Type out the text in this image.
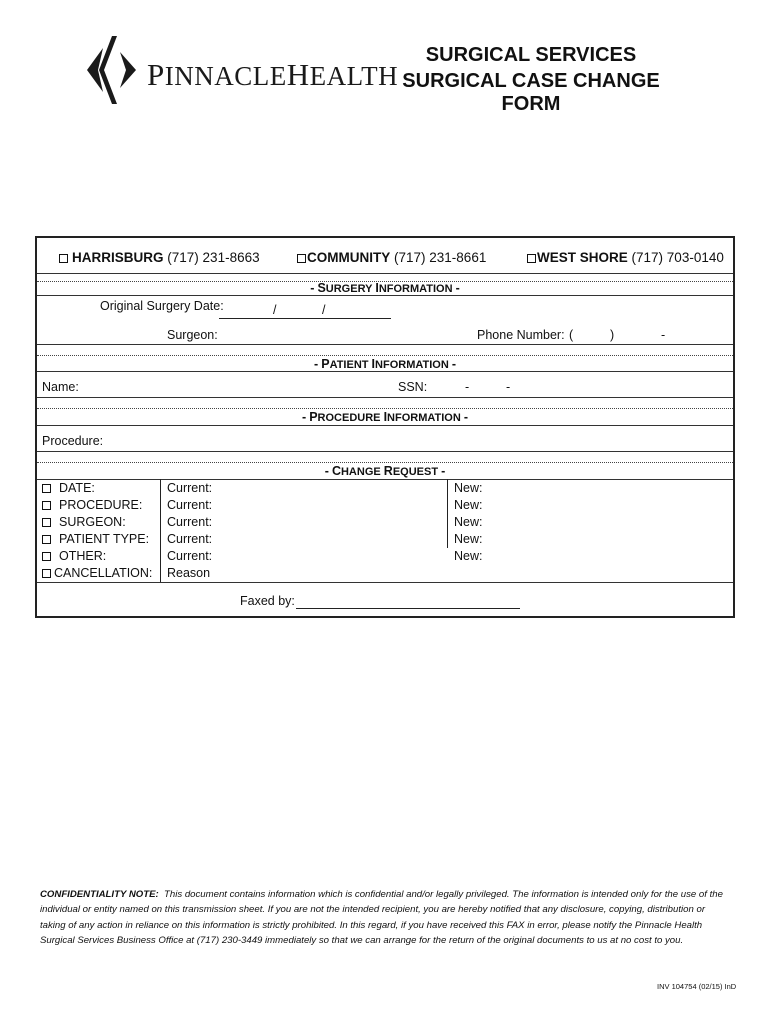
PINNACLEHEALTH
SURGICAL SERVICES
SURGICAL CASE CHANGE FORM
HARRISBURG (717) 231-8663	COMMUNITY (717) 231-8661	WEST SHORE (717) 703-0140
- SURGERY INFORMATION -
Original Surgery Date:	/	/
Surgeon:	Phone Number: (	)	-
- PATIENT INFORMATION -
Name:	SSN:	-	-
- PROCEDURE INFORMATION -
Procedure:
- CHANGE REQUEST -
DATE:	Current:	New:
PROCEDURE: Current:	New:
SURGEON:	Current:	New:
PATIENT TYPE: Current:	New:
OTHER:	Current:	New:
CANCELLATION: Reason
Faxed by:
CONFIDENTIALITY NOTE: This document contains information which is confidential and/or legally privileged. The information is intended only for the use of the individual or entity named on this transmission sheet. If you are not the intended recipient, you are hereby notified that any disclosure, copying, distribution or taking of any action in reliance on this information is strictly prohibited. In this regard, if you have received this FAX in error, please notify the Pinnacle Health Surgical Services Business Office at (717) 230-3449 immediately so that we can arrange for the return of the original documents to us at no cost to you.
INV 104754 (02/15) InD
